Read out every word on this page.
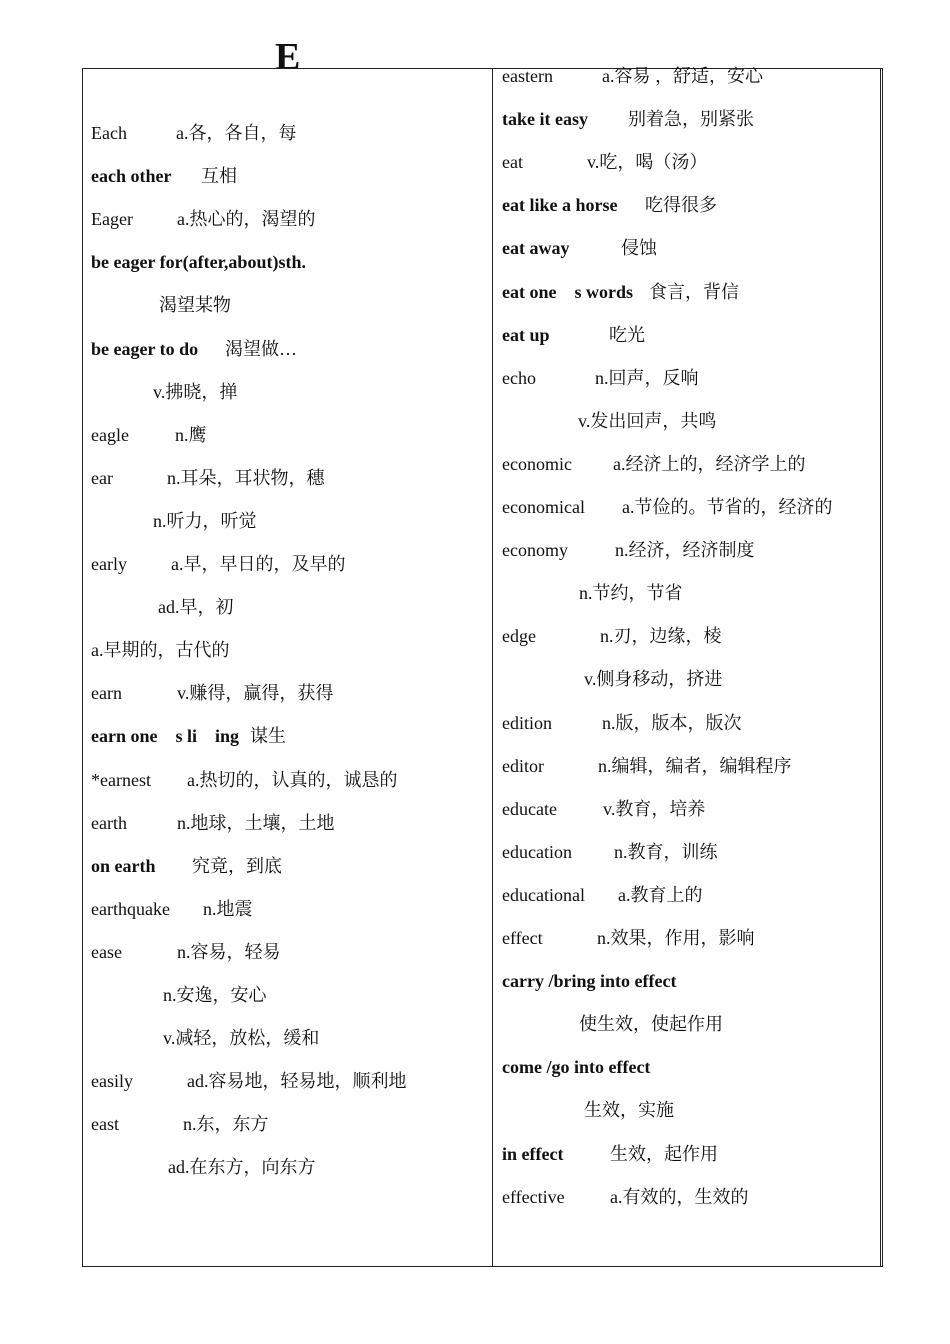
E
Each	a.各，各自，每
each other 互相
Eager a.热心的，渴望的
be eager for(after,about)sth.
渴望某物
be eager to do 渴望做…
v.拂晓，掸
eagle	n.鹰
ear	n.耳朵，耳状物，穗
n.听力，听觉
early a.早，早日的，及早的
ad.早，初
a.早期的，古代的
earn	v.赚得，赢得，获得
earn one　s li　ing 谋生
*earnest a.热切的，认真的，诚恳的
earth	n.地球，土壤，土地
on earth 究竟，到底
earthquake n.地震
ease	n.容易，轻易
n.安逸，安心
v.减轻，放松，缓和
easily	ad.容易地，轻易地，顺利地
east	n.东，东方
ad.在东方，向东方
eastern	a.容易 ，舒适，安心
take it easy 别着急，别紧张
eat	v.吃，喝（汤）
eat like a horse 吃得很多
eat away	侵蚀
eat one　s words 食言，背信
eat up	吃光
echo	n.回声，反响
v.发出回声，共鸣
economic a.经济上的，经济学上的
economical a.节俭的。节省的，经济的
economy	n.经济，经济制度
n.节约，节省
edge	n.刃，边缘，棱
v.侧身移动，挤进
edition	n.版，版本，版次
editor	n.编辑，编者，编辑程序
educate	v.教育，培养
education n.教育，训练
educational a.教育上的
effect	n.效果，作用，影响
carry /bring into effect
使生效，使起作用
come /go into effect
生效，实施
in effect	生效，起作用
effective	a.有效的，生效的
